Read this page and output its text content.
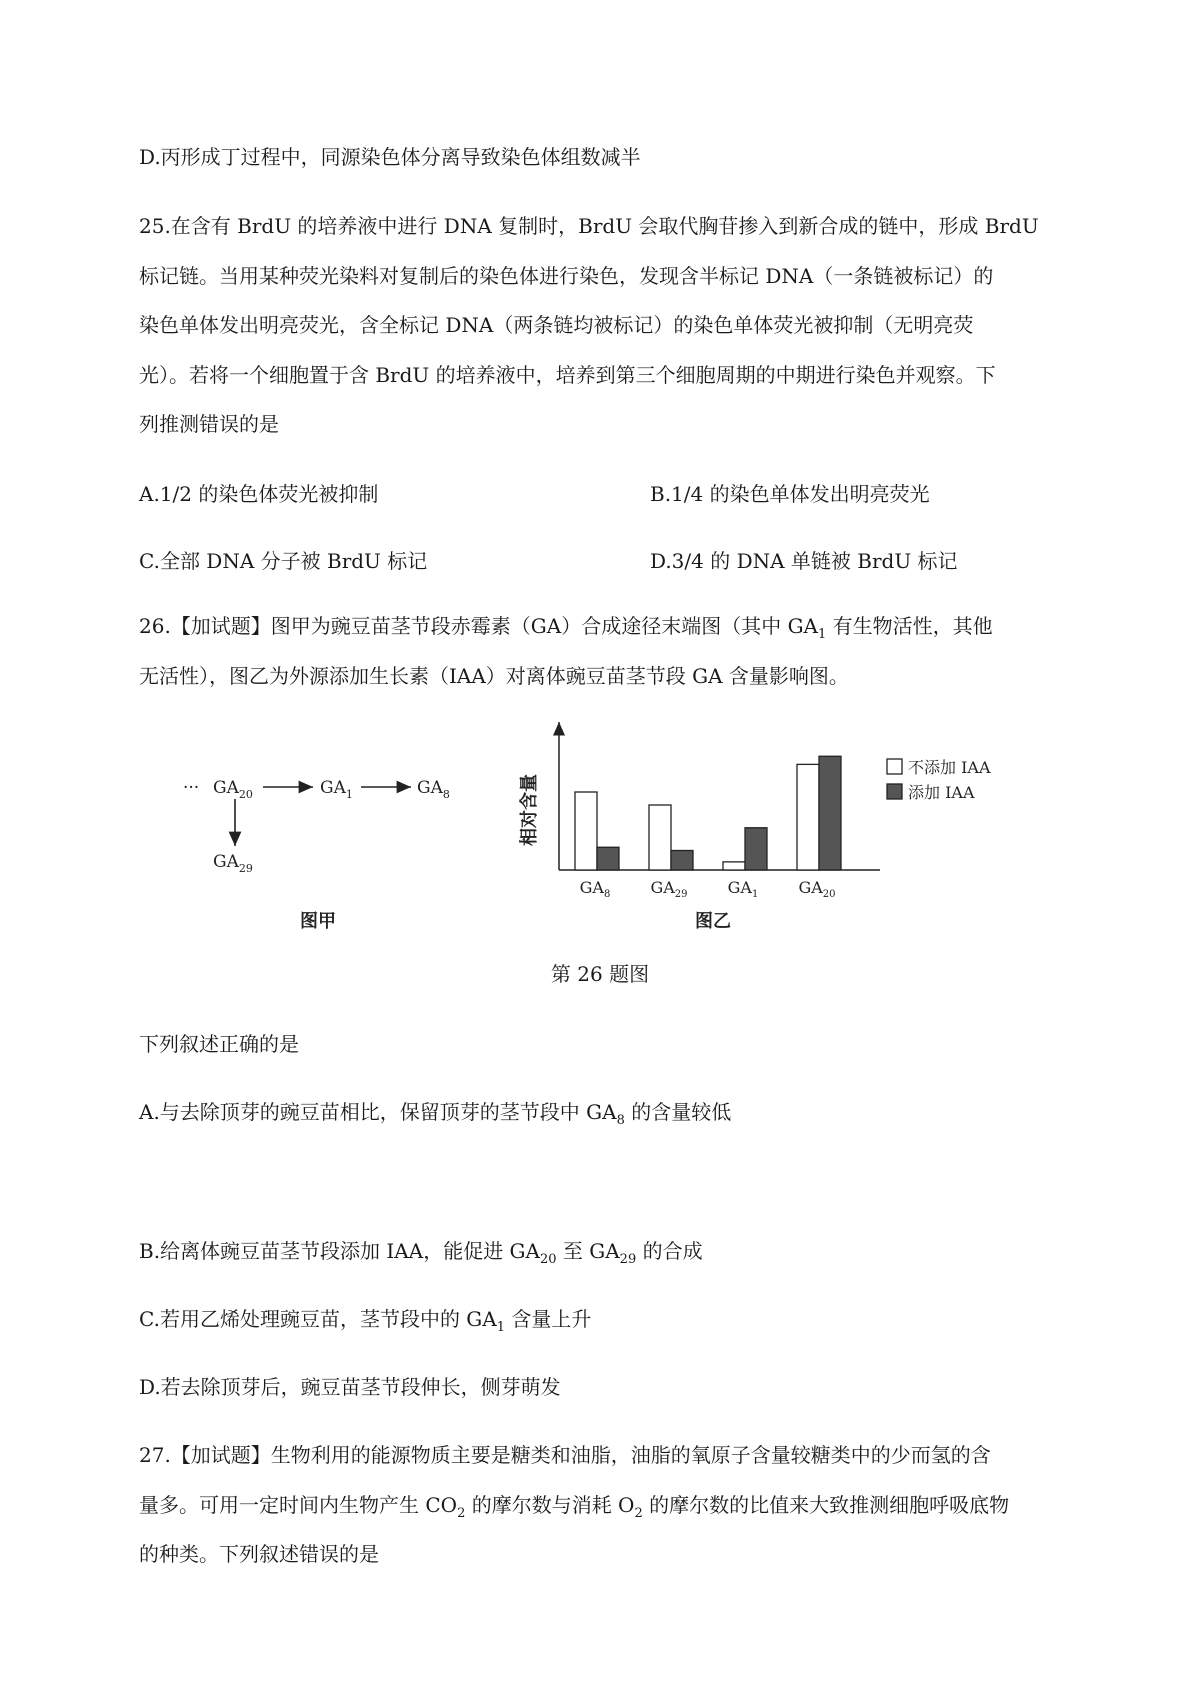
D.丙形成丁过程中，同源染色体分离导致染色体组数减半
25.在含有 BrdU 的培养液中进行 DNA 复制时，BrdU 会取代胸苷掺入到新合成的链中，形成 BrdU
标记链。当用某种荧光染料对复制后的染色体进行染色，发现含半标记 DNA（一条链被标记）的
染色单体发出明亮荧光，含全标记 DNA（两条链均被标记）的染色单体荧光被抑制（无明亮荧
光）。若将一个细胞置于含 BrdU 的培养液中，培养到第三个细胞周期的中期进行染色并观察。下
列推测错误的是
A.1/2 的染色体荧光被抑制	B.1/4 的染色单体发出明亮荧光
C.全部 DNA 分子被 BrdU 标记	D.3/4 的 DNA 单链被 BrdU 标记
26.【加试题】图甲为豌豆苗茎节段赤霉素（GA）合成途径末端图（其中 $GA_1$ 有生物活性，其他
无活性），图乙为外源添加生长素（IAA）对离体豌豆苗茎节段 GA 含量影响图。
··· $GA_{20}$	$GA_1$	$GA_8$
$GA_{29}$
图甲
相对含量
$GA_8$	$GA_{29}$	$GA_1$	$GA_{20}$
不添加 IAA
添加 IAA
图乙
第 26 题图
下列叙述正确的是
A.与去除顶芽的豌豆苗相比，保留顶芽的茎节段中 $GA_8$ 的含量较低
B.给离体豌豆苗茎节段添加 IAA，能促进 $GA_{20}$ 至 $GA_{29}$ 的合成
C.若用乙烯处理豌豆苗，茎节段中的 $GA_1$ 含量上升
D.若去除顶芽后，豌豆苗茎节段伸长，侧芽萌发
27.【加试题】生物利用的能源物质主要是糖类和油脂，油脂的氧原子含量较糖类中的少而氢的含
量多。可用一定时间内生物产生 $CO_2$ 的摩尔数与消耗 $O_2$ 的摩尔数的比值来大致推测细胞呼吸底物
的种类。下列叙述错误的是
